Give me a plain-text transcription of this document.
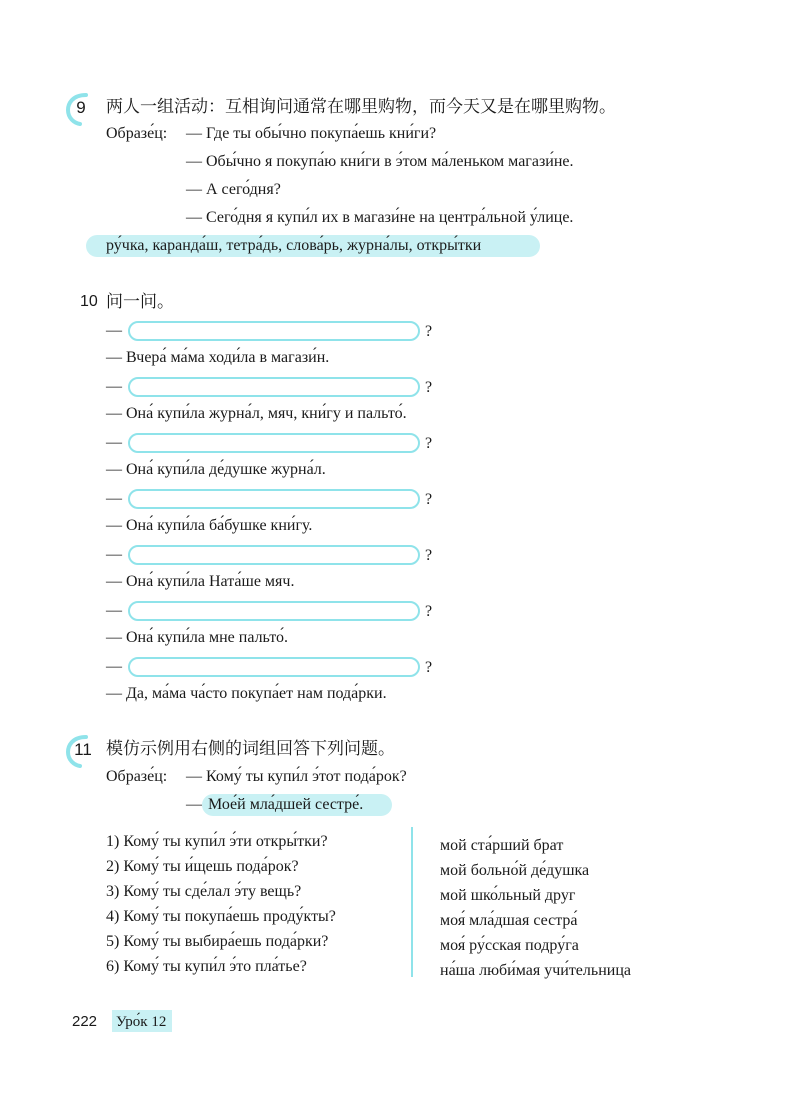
9	两人一组活动：互相询问通常在哪里购物，而今天又是在哪里购物。
Образе́ц: — Где ты обы́чно покупа́ешь кни́ги?
— Обы́чно я покупа́ю кни́ги в э́том ма́леньком магази́не.
— А сего́дня?
— Сего́дня я купи́л их в магази́не на центра́льной у́лице.
ру́чка, каранда́ш, тетра́дь, слова́рь, журна́лы, откры́тки
10 问一问。
—	?
— Вчера́ ма́ма ходи́ла в магази́н.
—	?
— Она́ купи́ла журна́л, мяч, кни́гу и пальто́.
—	?
— Она́ купи́ла де́душке журна́л.
—	?
— Она́ купи́ла ба́бушке кни́гу.
—	?
— Она́ купи́ла Ната́ше мяч.
—	?
— Она́ купи́ла мне пальто́.
—	?
— Да, ма́ма ча́сто покупа́ет нам пода́рки.
11 模仿示例用右侧的词组回答下列问题。
Образе́ц: — Кому́ ты купи́л э́тот пода́рок?
— Мое́й мла́дшей сестре́.
1) Кому́ ты купи́л э́ти откры́тки?
2) Кому́ ты и́щешь пода́рок?
3) Кому́ ты сде́лал э́ту вещь?
4) Кому́ ты покупа́ешь проду́кты?
5) Кому́ ты выбира́ешь пода́рки?
6) Кому́ ты купи́л э́то пла́тье?
мой ста́рший брат
мой больно́й де́душка
мой шко́льный друг
моя́ мла́дшая сестра́
моя́ ру́сская подру́га
на́ша люби́мая учи́тельница
222 Уро́к 12
